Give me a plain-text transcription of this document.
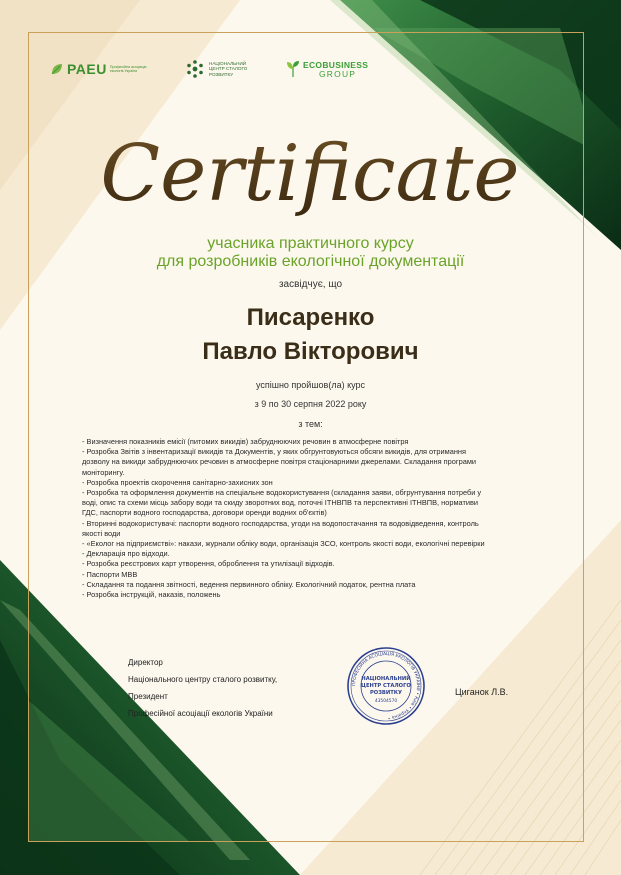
PAEU Професійна асоціація екологів України
НАЦІОНАЛЬНИЙ ЦЕНТР СТАЛОГО РОЗВИТКУ
ECOBUSINESS
GROUP
Certificate
учасника практичного курсу
для розробників екологічної документації
засвідчує, що
Писаренко
Павло Вікторович
успішно пройшов(ла) курс
з 9 по 30 серпня 2022 року
з тем:
- Визначення показників емісії (питомих викидів) забруднюючих речовин в атмосферне повітря
- Розробка Звітів з інвентаризації викидів та Документів, у яких обгрунтовуються обсяги викидів, для отримання
дозволу на викиди забруднюючих речовин в атмосферне повітря стаціонарними джерелами. Складання програми
моніторингу.
- Розробка проектів скорочення санітарно-захисних зон
- Розробка та оформлення документів на спеціальне водокористування (складання заяви, обгрунтування потреби у
воді, опис та схеми місць забору води та скиду зворотних вод, поточні ІТНВПВ та перспективні ІТНВПВ, нормативи
ГДС, паспорти водного господарства, договори оренди водних об'єктів)
- Вторинні водокористувачі: паспорти водного господарства, угоди на водопостачання та водовідведення, контроль
якості води
- «Еколог на підприємстві»: накази, журнали обліку води, організація ЗСО, контроль якості води, екологічні перевірки
- Декларація про відходи.
- Розробка реєстрових карт утворення, оброблення та утилізації відходів.
- Паспорти МВВ
- Складання та подання звітності, ведення первинного обліку. Екологічний податок, рентна плата
- Розробка інструкцій, наказів, положень
Директор
Національного центру сталого розвитку,
Президент
Професійної асоціації екологів України
ПРОФЕСІЙНА АСОЦІАЦІЯ ЕКОЛОГІВ УКРАЇНИ • Київ • Україна •
НАЦІОНАЛЬНИЙ
ЦЕНТР СТАЛОГО
РОЗВИТКУ
43504570
Циганок Л.В.
